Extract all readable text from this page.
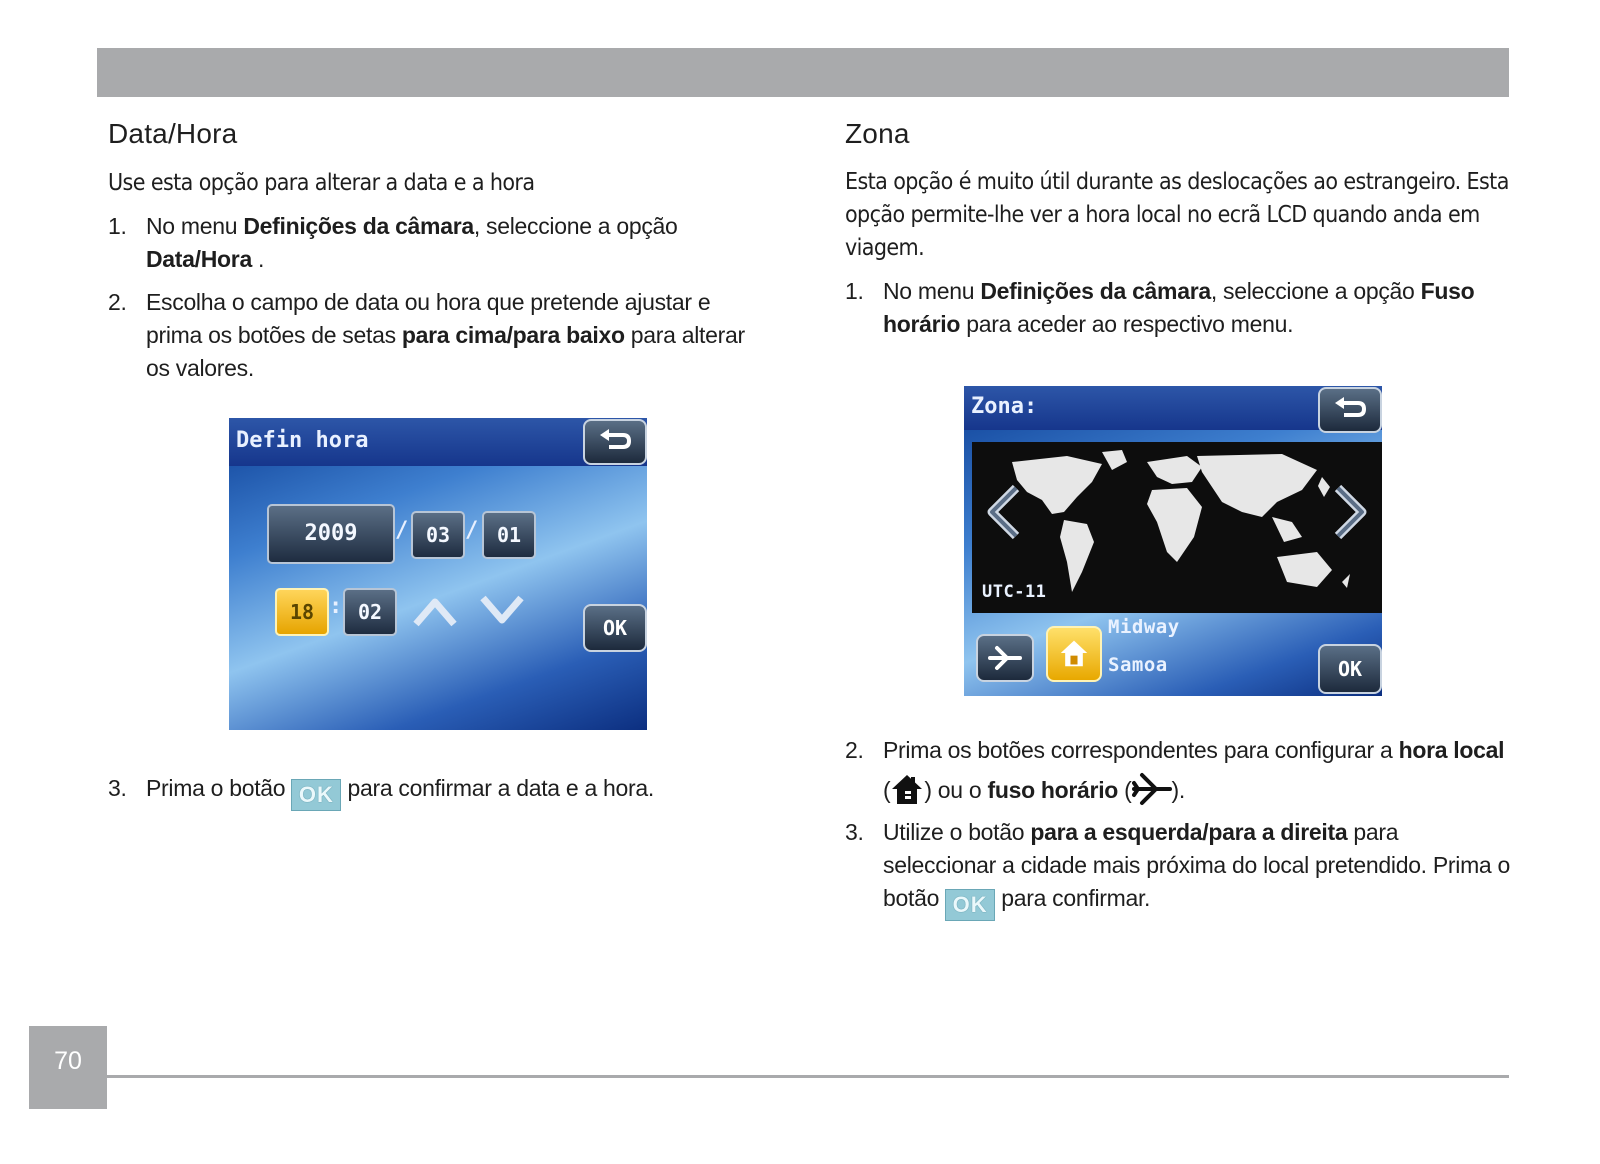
Data/Hora

Use esta opção para alterar a data e a hora

1. No menu Definições da câmara, seleccione a opção Data/Hora .
2. Escolha o campo de data ou hora que pretende ajustar e prima os botões de setas para cima/para baixo para alterar os valores.
3. Prima o botão OK para confirmar a data e a hora.
Defin hora
2009	/ 03 / 01
18 : 02
OK
Zona

Esta opção é muito útil durante as deslocações ao estrangeiro. Esta opção permite-lhe ver a hora local no ecrã LCD quando anda em viagem.

1. No menu Definições da câmara, seleccione a opção Fuso horário para aceder ao respectivo menu.
2. Prima os botões correspondentes para configurar a hora local ( ) ou o fuso horário ( ).
3. Utilize o botão para a esquerda/para a direita para seleccionar a cidade mais próxima do local pretendido. Prima o botão OK para confirmar.
Zona:
UTC-11
Midway
Samoa	OK
70
